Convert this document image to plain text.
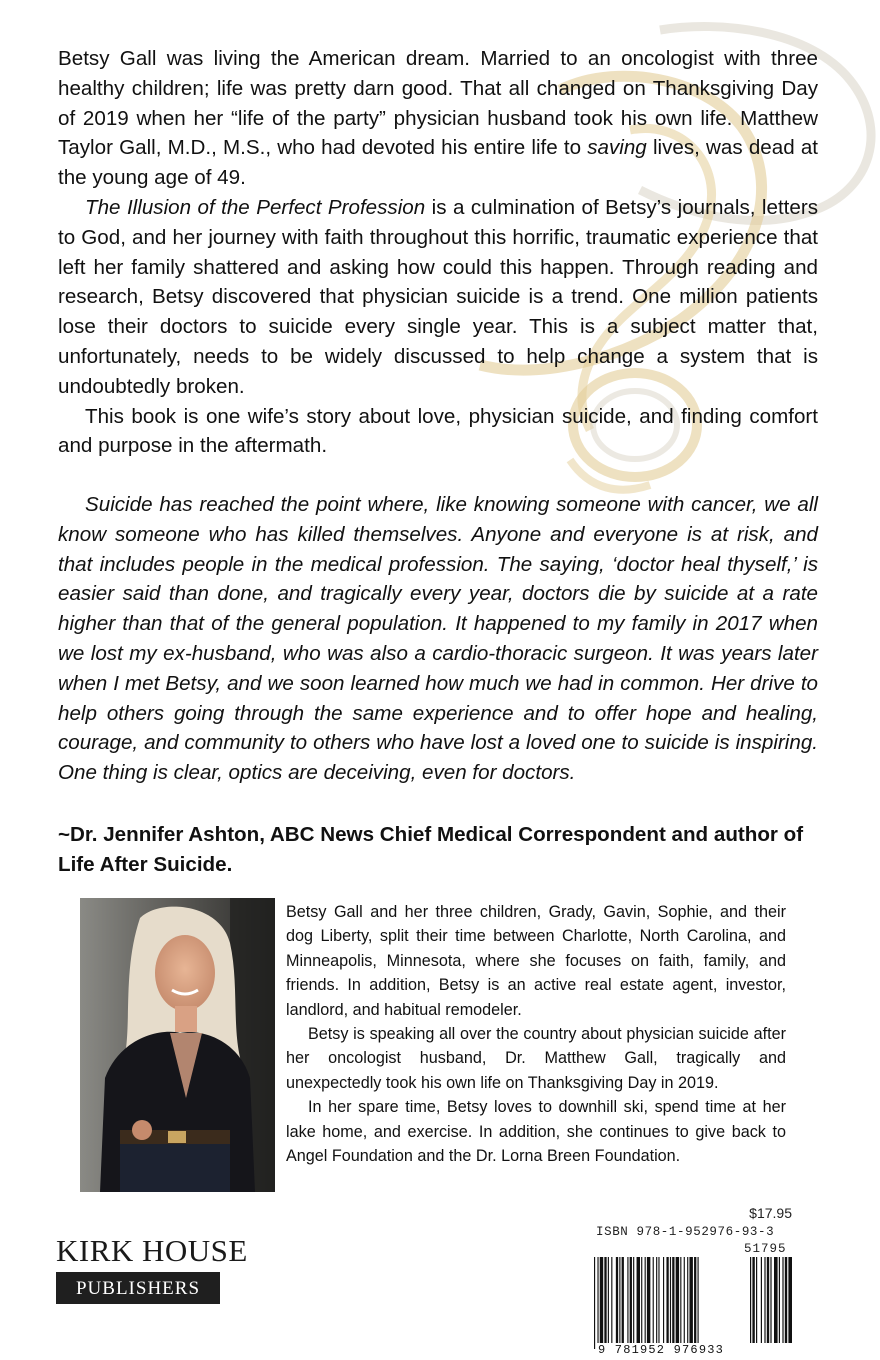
Betsy Gall was living the American dream. Married to an oncologist with three healthy children; life was pretty darn good. That all changed on Thanksgiving Day of 2019 when her “life of the party” physician husband took his own life. Matthew Taylor Gall, M.D., M.S., who had devoted his entire life to saving lives, was dead at the young age of 49.

The Illusion of the Perfect Profession is a culmination of Betsy’s journals, letters to God, and her journey with faith throughout this horrific, traumatic experience that left her family shattered and asking how could this happen. Through reading and research, Betsy discovered that physician suicide is a trend. One million patients lose their doctors to suicide every single year. This is a subject matter that, unfortunately, needs to be widely discussed to help change a system that is undoubtedly broken.

This book is one wife’s story about love, physician suicide, and finding comfort and purpose in the aftermath.

Suicide has reached the point where, like knowing someone with cancer, we all know someone who has killed themselves. Anyone and everyone is at risk, and that includes people in the medical profession. The saying, ‘doctor heal thyself,’ is easier said than done, and tragically every year, doctors die by suicide at a rate higher than that of the general population. It happened to my family in 2017 when we lost my ex-husband, who was also a cardio-thoracic surgeon. It was years later when I met Betsy, and we soon learned how much we had in common. Her drive to help others going through the same experience and to offer hope and healing, courage, and community to others who have lost a loved one to suicide is inspiring. One thing is clear, optics are deceiving, even for doctors.

~Dr. Jennifer Ashton, ABC News Chief Medical Correspondent and author of
Life After Suicide.

Betsy Gall and her three children, Grady, Gavin, Sophie, and their dog Liberty, split their time between Charlotte, North Carolina, and Minneapolis, Minnesota, where she focuses on faith, family, and friends. In addition, Betsy is an active real estate agent, investor, landlord, and habitual remodeler.

Betsy is speaking all over the country about physician suicide after her oncologist husband, Dr. Matthew Gall, tragically and unexpectedly took his own life on Thanksgiving Day in 2019.

In her spare time, Betsy loves to downhill ski, spend time at her lake home, and exercise. In addition, she continues to give back to Angel Foundation and the Dr. Lorna Breen Foundation.

KIRK HOUSE
PUBLISHERS
$17.95
ISBN 978-1-952976-93-3
51795
9 781952 976933
